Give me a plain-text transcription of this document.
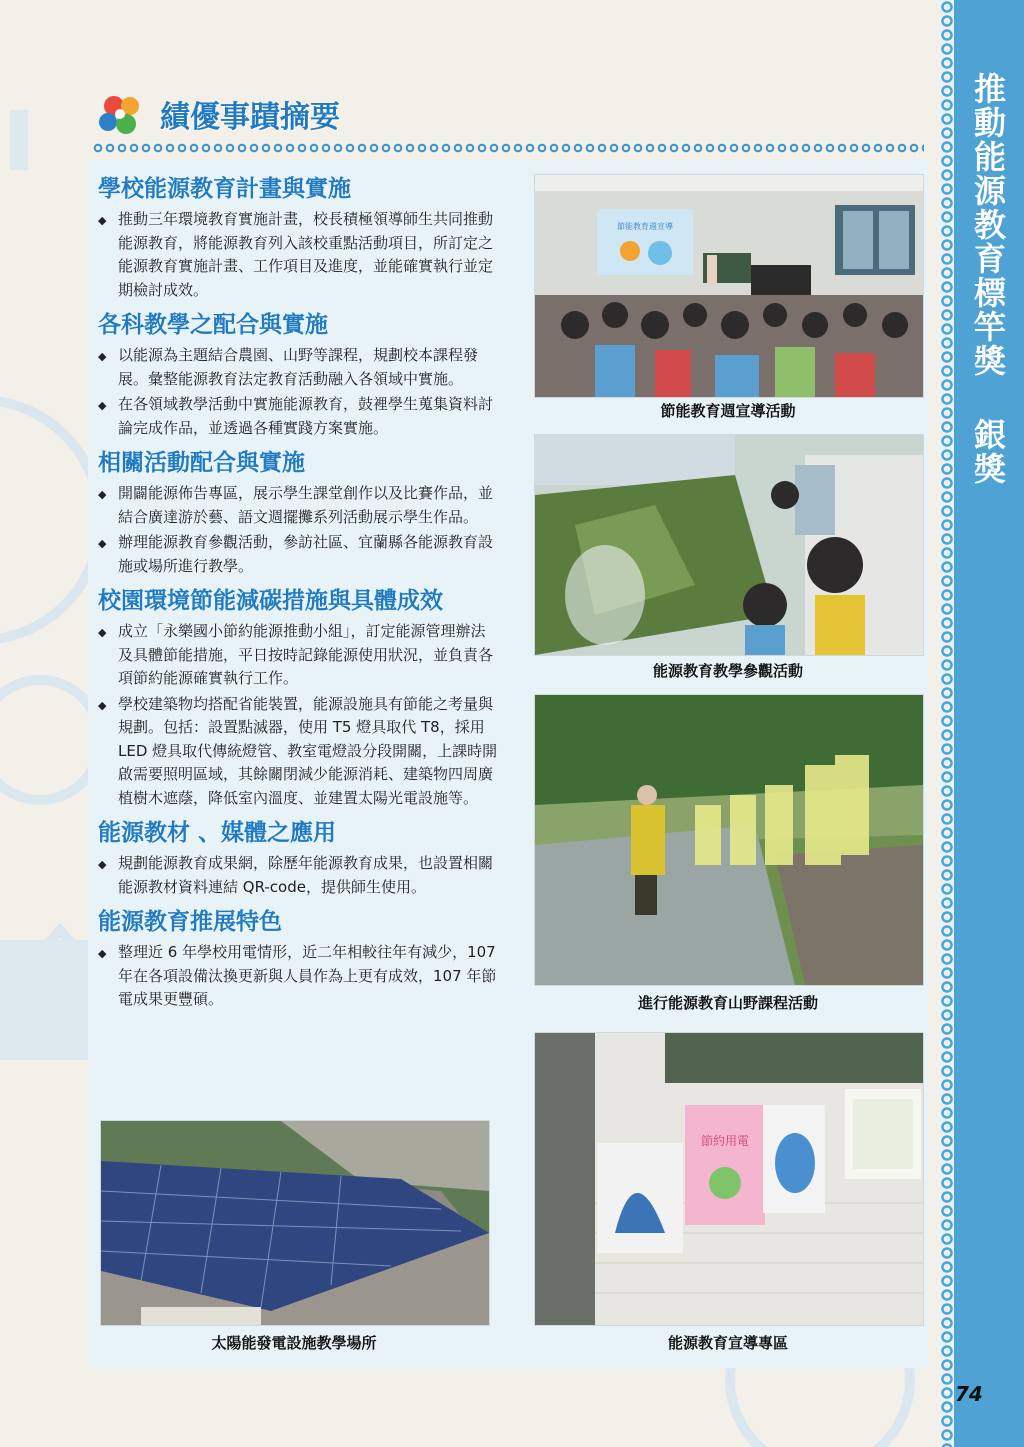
推動能源教育標竿獎 銀獎
74
績優事蹟摘要
學校能源教育計畫與實施
◆ 推動三年環境教育實施計畫，校長積極領導師生共同推動能源教育，將能源教育列入該校重點活動項目，所訂定之能源教育實施計畫、工作項目及進度，並能確實執行並定期檢討成效。
各科教學之配合與實施
◆ 以能源為主題結合農園、山野等課程，規劃校本課程發展。彙整能源教育法定教育活動融入各領域中實施。
◆ 在各領域教學活動中實施能源教育，鼓裡學生蒐集資料討論完成作品，並透過各種實踐方案實施。
相關活動配合與實施
◆ 開闢能源佈告專區，展示學生課堂創作以及比賽作品，並結合廣達游於藝、語文週擺攤系列活動展示學生作品。
◆ 辦理能源教育參觀活動，參訪社區、宜蘭縣各能源教育設施或場所進行教學。
校園環境節能減碳措施與具體成效
◆ 成立「永樂國小節約能源推動小組」，訂定能源管理辦法及具體節能措施，平日按時記錄能源使用狀況，並負責各項節約能源確實執行工作。
◆ 學校建築物均搭配省能裝置，能源設施具有節能之考量與規劃。包括：設置點滅器，使用 T5 燈具取代 T8，採用 LED 燈具取代傳統燈管、教室電燈設分段開關，上課時開啟需要照明區域，其餘關閉減少能源消耗、建築物四周廣植樹木遮蔭，降低室內溫度、並建置太陽光電設施等。
能源教材 、媒體之應用
◆ 規劃能源教育成果網，除歷年能源教育成果，也設置相關能源教材資料連結 QR-code，提供師生使用。
能源教育推展特色
◆ 整理近 6 年學校用電情形，近二年相較往年有減少，107年在各項設備汰換更新與人員作為上更有成效，107 年節電成果更豐碩。
節能教育週宣導
節能教育週宣導活動
能源教育教學參觀活動
進行能源教育山野課程活動
節約用電
能源教育宣導專區
太陽能發電設施教學場所
